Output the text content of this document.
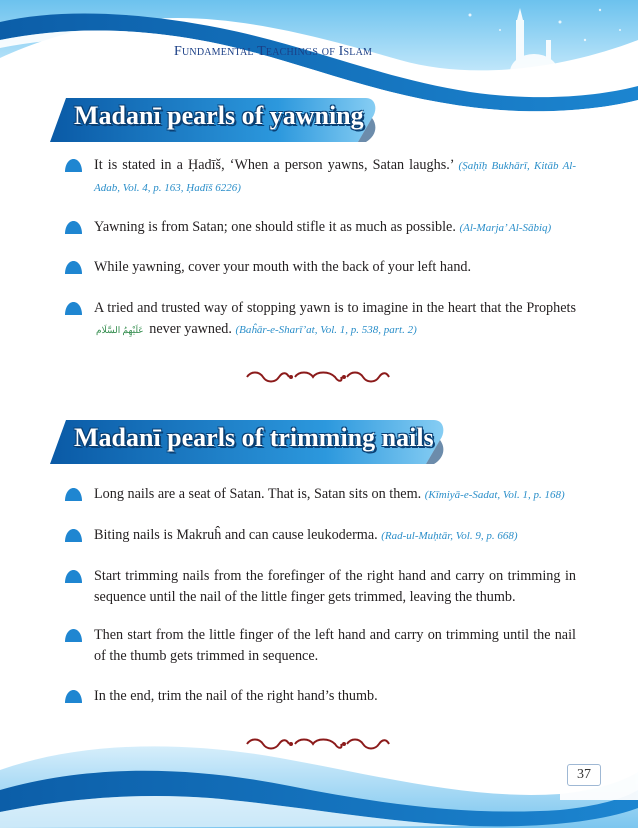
Fundamental Teachings of Islam
Madanī pearls of yawning
It is stated in a Ḥadīš, ‘When a person yawns, Satan laughs.’ (Ṣaḥīḥ Bukhārī, Kitāb Al-Adab, Vol. 4, p. 163, Ḥadīš 6226)
Yawning is from Satan; one should stifle it as much as possible. (Al-Marja’ Al-Sābiq)
While yawning, cover your mouth with the back of your left hand.
A tried and trusted way of stopping yawn is to imagine in the heart that the Prophets عَلَيْهِمُ السَّلَام never yawned. (Baĥār-e-Sharī’at, Vol. 1, p. 538, part. 2)
Madanī pearls of trimming nails
Long nails are a seat of Satan. That is, Satan sits on them. (Kīmiyā-e-Sadat, Vol. 1, p. 168)
Biting nails is Makruĥ and can cause leukoderma. (Rad-ul-Muḥtār, Vol. 9, p. 668)
Start trimming nails from the forefinger of the right hand and carry on trimming in sequence until the nail of the little finger gets trimmed, leaving the thumb.
Then start from the little finger of the left hand and carry on trimming until the nail of the thumb gets trimmed in sequence.
In the end, trim the nail of the right hand’s thumb.
37
